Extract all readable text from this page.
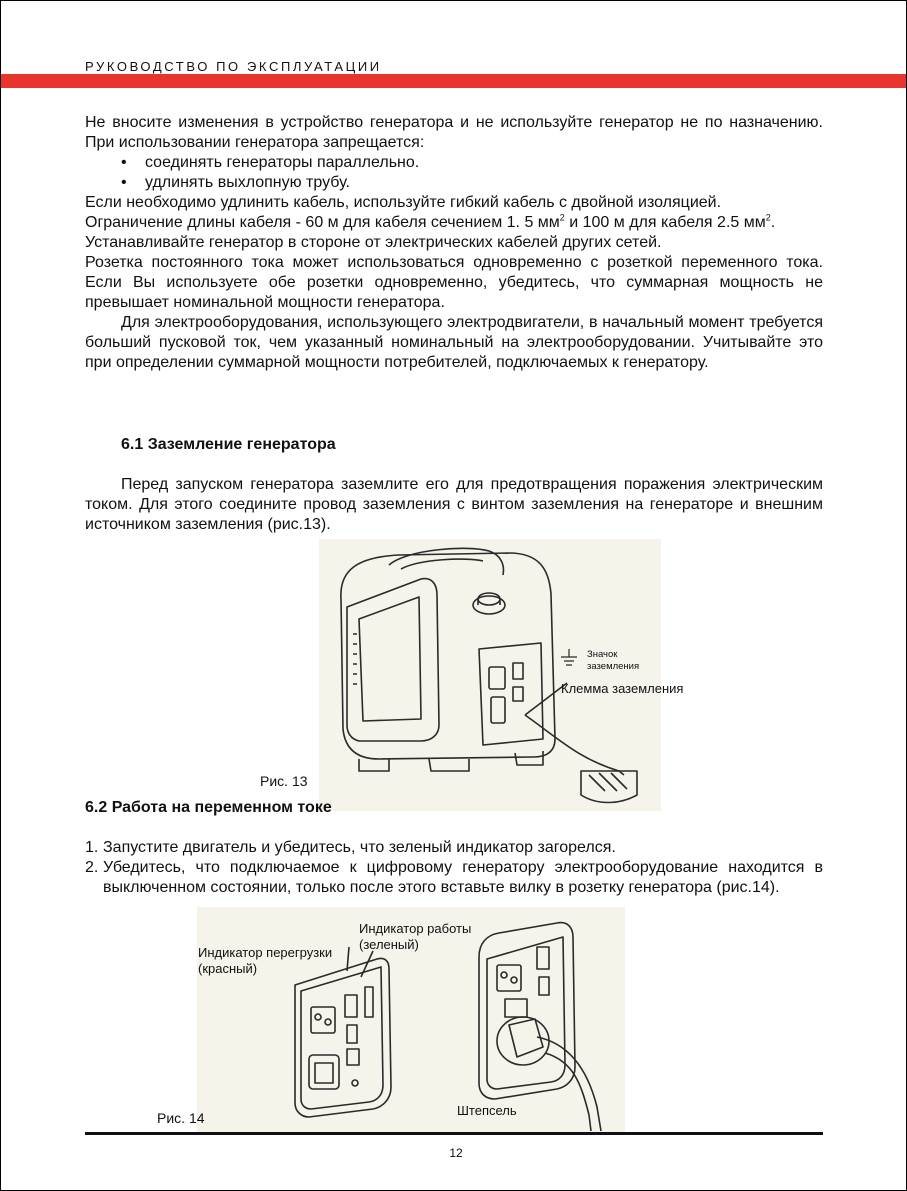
РУКОВОДСТВО ПО ЭКСПЛУАТАЦИИ

Не вносите изменения в устройство генератора и не используйте генератор не по назначению. При использовании генератора запрещается:

• соединять генераторы параллельно.

• удлинять выхлопную трубу.

Если необходимо удлинить кабель, используйте гибкий кабель с двойной изоляцией.

Ограничение длины кабеля - 60 м для кабеля сечением 1. 5 $мм^2$ и 100 м для кабеля 2.5 $мм^2$.

Устанавливайте генератор в стороне от электрических кабелей других сетей.

Розетка постоянного тока может использоваться одновременно с розеткой переменного тока. Если Вы используете обе розетки одновременно, убедитесь, что суммарная мощность не превышает номинальной мощности генератора.

Для электрооборудования, использующего электродвигатели, в начальный момент требуется больший пусковой ток, чем указанный номинальный на электрооборудовании. Учитывайте это при определении суммарной мощности потребителей, подключаемых к генератору.

6.1 Заземление генератора

Перед запуском генератора заземлите его для предотвращения поражения электрическим током. Для этого соедините провод заземления с винтом заземления на генераторе и внешним источником заземления (рис.13).

Значок
заземления
Клемма заземления
Рис. 13

6.2 Работа на переменном токе

1. Запустите двигатель и убедитесь, что зеленый индикатор загорелся.

2. Убедитесь, что подключаемое к цифровому генератору электрооборудование находится в выключенном состоянии, только после этого вставьте вилку в розетку генератора (рис.14).

Индикатор работы
(зеленый)
Индикатор перегрузки
(красный)
Штепсель
Рис. 14
12
